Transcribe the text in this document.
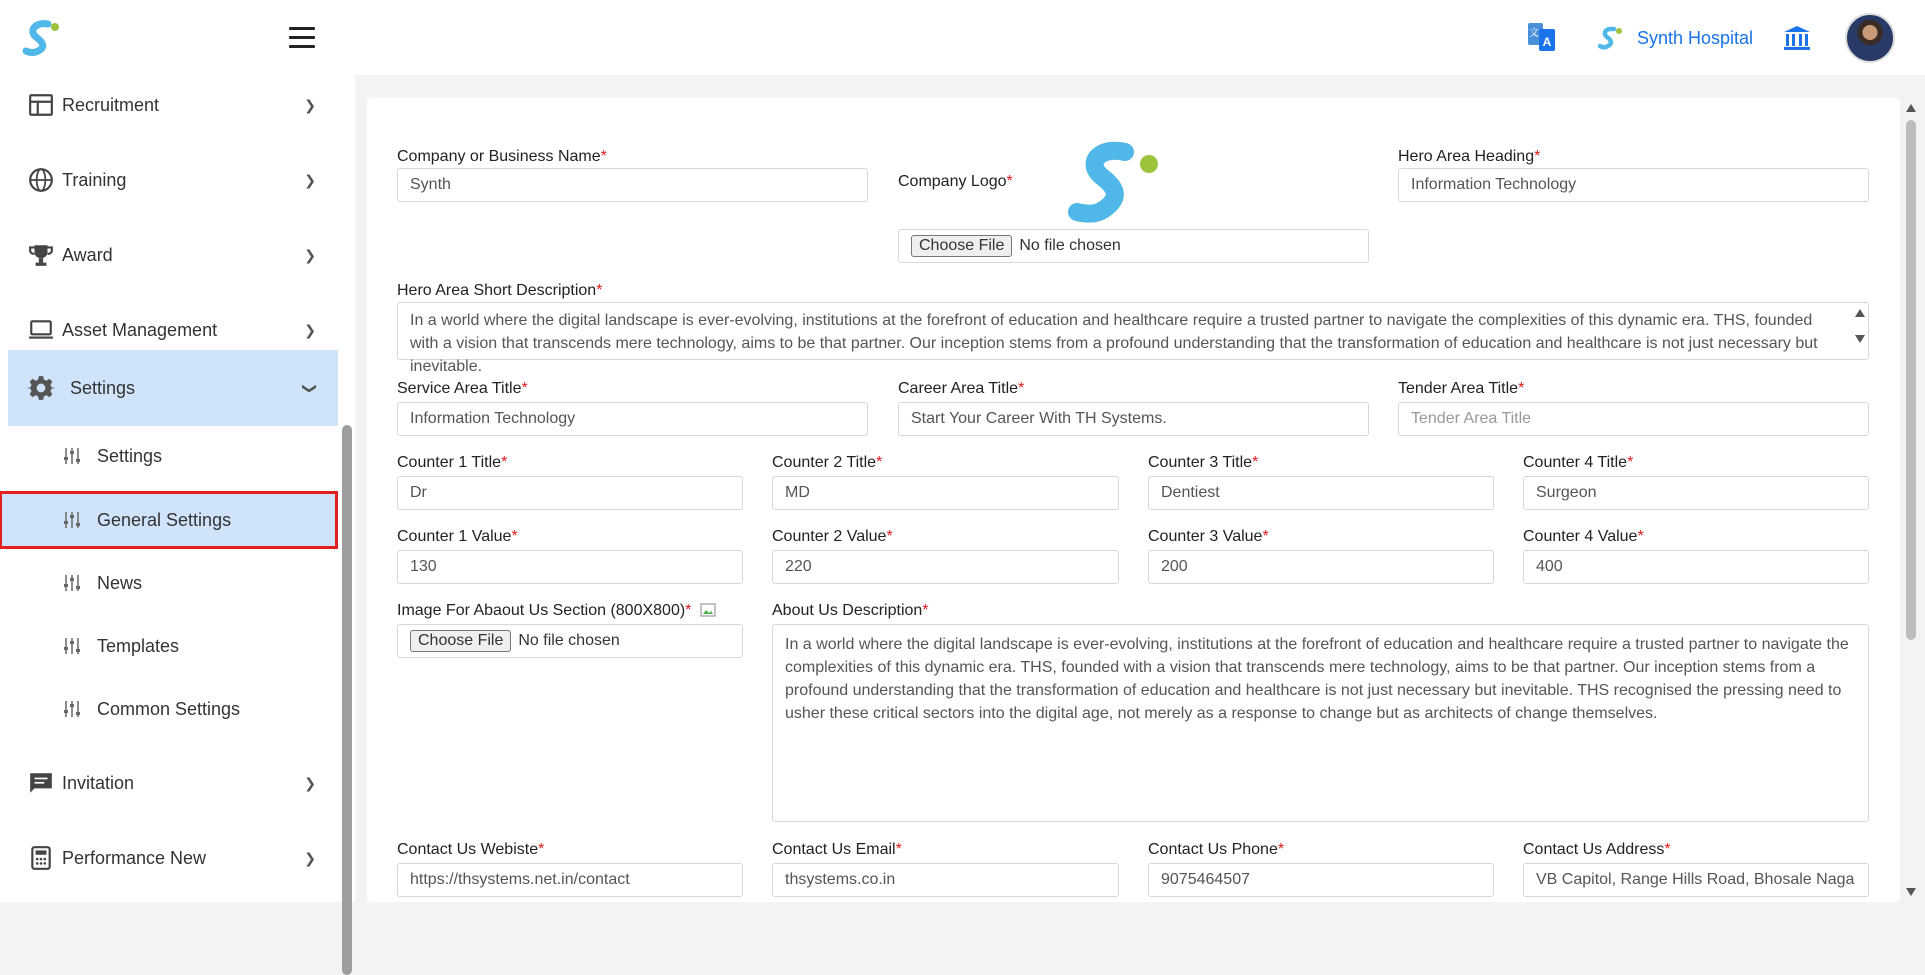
A
文	Synth Hospital
Recruitment	❯
Training	❯
Award	❯
Asset Management	❯
Settings	❯
Settings
General Settings
News
Templates
Common Settings
Invitation	❯
Performance New	❯
Company or Business Name*
Synth	Company Logo*
Choose File No file chosen
Hero Area Heading*
Information Technology
Hero Area Short Description*
In a world where the digital landscape is ever-evolving, institutions at the forefront of education and healthcare require a trusted partner to navigate the complexities of this dynamic era. THS, founded with a vision that transcends mere technology, aims to be that partner. Our inception stems from a profound understanding that the transformation of education and healthcare is not just necessary but inevitable.
Service Area Title*
Information Technology
Career Area Title*
Start Your Career With TH Systems.
Tender Area Title*
Tender Area Title
Counter 1 Title*
Dr
Counter 2 Title*
MD
Counter 3 Title*
Dentiest
Counter 4 Title*
Surgeon
Counter 1 Value*
130
Counter 2 Value*
220
Counter 3 Value*
200
Counter 4 Value*
400
Image For Abaout Us Section (800X800)*
Choose File No file chosen
About Us Description*
In a world where the digital landscape is ever-evolving, institutions at the forefront of education and healthcare require a trusted partner to navigate the complexities of this dynamic era. THS, founded with a vision that transcends mere technology, aims to be that partner. Our inception stems from a profound understanding that the transformation of education and healthcare is not just necessary but inevitable. THS recognised the pressing need to usher these critical sectors into the digital age, not merely as a response to change but as architects of change themselves.
Contact Us Webiste*
https://thsystems.net.in/contact
Contact Us Email*
thsystems.co.in
Contact Us Phone*
9075464507
Contact Us Address*
VB Capitol, Range Hills Road, Bhosale Naga
